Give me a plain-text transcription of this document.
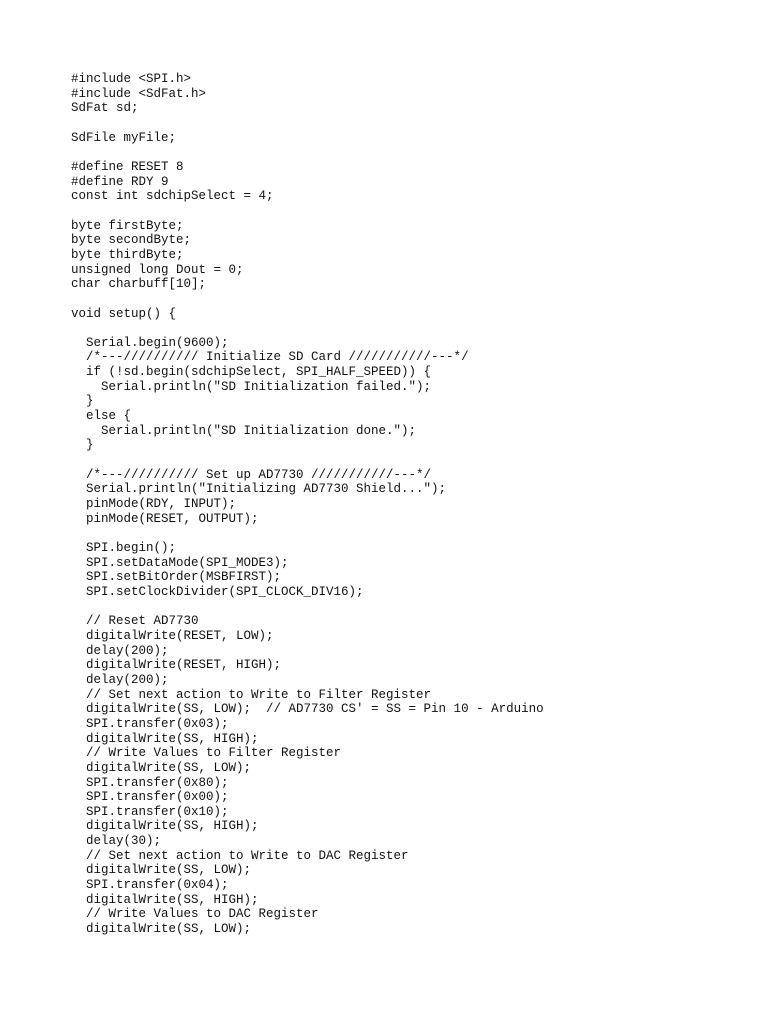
#include <SPI.h>
#include <SdFat.h>
SdFat sd;
SdFile myFile;
#define RESET 8
#define RDY 9
const int sdchipSelect = 4;
byte firstByte;
byte secondByte;
byte thirdByte;
unsigned long Dout = 0;
char charbuff[10];
void setup() {
Serial.begin(9600);
/*---////////// Initialize SD Card ///////////---*/
if (!sd.begin(sdchipSelect, SPI_HALF_SPEED)) {
Serial.println("SD Initialization failed.");
}
else {
Serial.println("SD Initialization done.");
}
/*---////////// Set up AD7730 ///////////---*/
Serial.println("Initializing AD7730 Shield...");
pinMode(RDY, INPUT);
pinMode(RESET, OUTPUT);
SPI.begin();
SPI.setDataMode(SPI_MODE3);
SPI.setBitOrder(MSBFIRST);
SPI.setClockDivider(SPI_CLOCK_DIV16);
// Reset AD7730
digitalWrite(RESET, LOW);
delay(200);
digitalWrite(RESET, HIGH);
delay(200);
// Set next action to Write to Filter Register
digitalWrite(SS, LOW);  // AD7730 CS' = SS = Pin 10 - Arduino
SPI.transfer(0x03);
digitalWrite(SS, HIGH);
// Write Values to Filter Register
digitalWrite(SS, LOW);
SPI.transfer(0x80);
SPI.transfer(0x00);
SPI.transfer(0x10);
digitalWrite(SS, HIGH);
delay(30);
// Set next action to Write to DAC Register
digitalWrite(SS, LOW);
SPI.transfer(0x04);
digitalWrite(SS, HIGH);
// Write Values to DAC Register
digitalWrite(SS, LOW);
